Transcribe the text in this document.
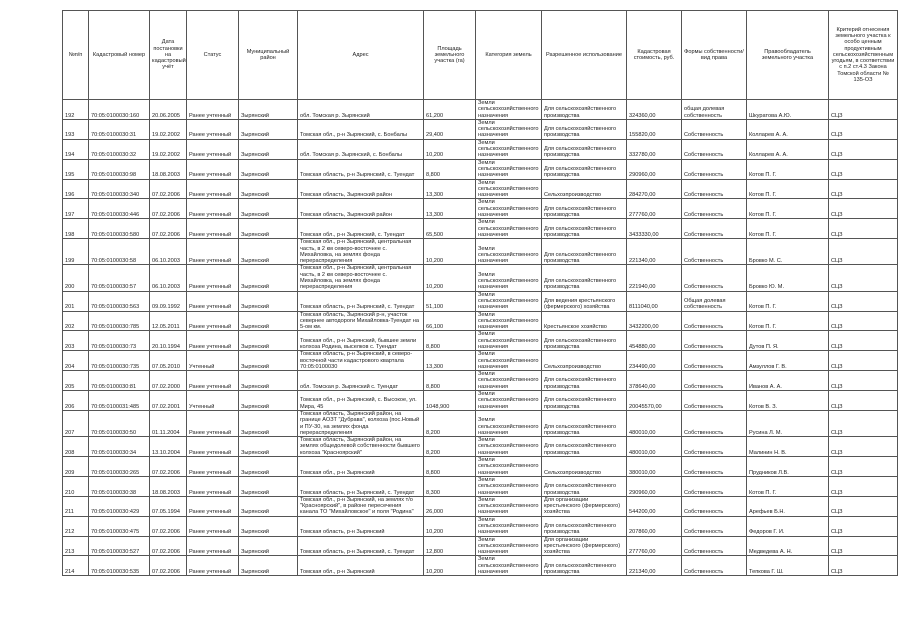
№п/п	Кадастровый номер	Дата постановки на кадастровый учёт	Статус	Муниципальный район	Адрес	Площадь земельного участка (га)	Категория земель	Разрешенное использование	Кадастровая стоимость, руб.	Формы собственности/вид права	Правообладатель земельного участка	Критерий отнесения земельного участка к особо ценным продуктивным сельскохозяйственным угодьям, в соответствии с п.2 ст.4.3 Закона Томской области № 135-ОЗ
192	70:05:0100030:160	20.06.2005	Ранее учтенный	Зырянский	обл. Томская р. Зырянский	61,200	Земли сельскохозяйственного назначения	Для сельскохозяйственного производства	324360,00	общая долевая собственность	Шкуратова А.Ю.	СЦЗ
193	70:05:0100030:31	19.02.2002	Ранее учтенный	Зырянский	Томская обл., р-н Зырянский, с. Бонбалы	29,400	Земли сельскохозяйственного назначения	Для сельскохозяйственного производства	155820,00	Собственность	Колларев А. А.	СЦЗ
194	70:05:0100030:32	19.02.2002	Ранее учтенный	Зырянский	обл. Томская р. Зырянский, с. Бонбалы	10,200	Земли сельскохозяйственного назначения	Для сельскохозяйственного производства	332780,00	Собственность	Колларев А. А.	СЦЗ
195	70:05:0100030:98	18.08.2003	Ранее учтенный	Зырянский	Томская область, р-н Зырянский, с. Туендат	8,800	Земли сельскохозяйственного назначения	Для сельскохозяйственного производства	290960,00	Собственность	Котов П. Г.	СЦЗ
196	70:05:0100030:340	07.02.2006	Ранее учтенный	Зырянский	Томская область, Зырянский район	13,300	Земли сельскохозяйственного назначения	Сельхозпроизводство	284270,00	Собственность	Котов П. Г.	СЦЗ
197	70:05:0100030:446	07.02.2006	Ранее учтенный	Зырянский	Томская область, Зырянский район	13,300	Земли сельскохозяйственного назначения	Для сельскохозяйственного производства	277760,00	Собственность	Котов П. Г.	СЦЗ
198	70:05:0100030:580	07.02.2006	Ранее учтенный	Зырянский	Томская обл., р-н Зырянский, с. Туендат	65,500	Земли сельскохозяйственного назначения	Для сельскохозяйственного производства	3433330,00	Собственность	Котов П. Г.	СЦЗ
199	70:05:0100030:58	06.10.2003	Ранее учтенный	Зырянский	Томская обл., р-н Зырянский, центральная часть, в 2 км северо-восточнее с. Михайловка, на землях фонда перераспределения	10,200	Земли сельскохозяйственного назначения	Для сельскохозяйственного производства	221340,00	Собственность	Бровко М. С.	СЦЗ
200	70:05:0100030:57	06.10.2003	Ранее учтенный	Зырянский	Томская обл., р-н Зырянский, центральная часть, в 2 км северо-восточнее с. Михайловка, на землях фонда перераспределения	10,200	Земли сельскохозяйственного назначения	Для сельскохозяйственного производства	221940,00	Собственность	Бровко Ю. М.	СЦЗ
201	70:05:0100030:563	09.09.1992	Ранее учтенный	Зырянский	Томская область, р-н Зырянский, с. Туендат	51,100	Земли сельскохозяйственного назначения	Для ведения крестьянского (фермерского) хозяйства	8111040,00	Общая долевая собственность	Котов П. Г.	СЦЗ
202	70:05:0100030:785	12.05.2011	Ранее учтенный	Зырянский	Томская область, Зырянский р-н, участок севернее автодороги Михайловка-Туендат на 5-ом км.	66,100	Земли сельскохозяйственного назначения	Крестьянское хозяйство	3432200,00	Собственность	Котов П. Г.	СЦЗ
203	70:05:0100030:73	20.10.1994	Ранее учтенный	Зырянский	Томская обл., р-н Зырянский, бывшее земли колхоза Родина, выселков с. Туендат	8,800	Земли сельскохозяйственного назначения	Для сельскохозяйственного производства	454880,00	Собственность	Дутов П. Я.	СЦЗ
204	70:05:0100030:735	07.05.2010	Учтенный	Зырянский	Томская область, р-н Зырянский, в северо-восточной части кадастрового квартала 70:05:0100030	13,300	Земли сельскохозяйственного назначения	Сельхозпроизводство	234490,00	Собственность	Амзуллов Г. В.	СЦЗ
205	70:05:0100030:81	07.02.2000	Ранее учтенный	Зырянский	обл. Томская р. Зырянский с. Туендат	8,800	Земли сельскохозяйственного назначения	Для сельскохозяйственного производства	378640,00	Собственность	Иванов А. А.	СЦЗ
206	70:05:0100031:485	07.02.2001	Учтенный	Зырянский	Томская обл., р-н Зырянский, с. Высокое, ул. Мира, 45	1048,900	Земли сельскохозяйственного назначения	Для сельскохозяйственного производства	20045570,00	Собственность	Котов В. З.	СЦЗ
207	70:05:0100030:50	01.11.2004	Ранее учтенный	Зырянский	Томская область, Зырянский район, на границе АОЗТ "Дубрава", колхоза (пос.Новый и ПУ-30, на землях фонда перераспределения	8,200	Земли сельскохозяйственного назначения	Для сельскохозяйственного производства	480010,00	Собственность	Русина Л. М.	СЦЗ
208	70:05:0100030:34	13.10.2004	Ранее учтенный	Зырянский	Томская область, Зырянский район, на землях общедолевой собственности бывшего колхоза "Красноярский"	8,200	Земли сельскохозяйственного назначения	Для сельскохозяйственного производства	480010,00	Собственность	Малинин Н. В.	СЦЗ
209	70:05:0100030:265	07.02.2006	Ранее учтенный	Зырянский	Томская обл., р-н Зырянский	8,800	Земли сельскохозяйственного назначения	Сельхозпроизводство	380010,00	Собственность	Прудников Л.В.	СЦЗ
210	70:05:0100030:38	18.08.2003	Ранее учтенный	Зырянский	Томская область, р-н Зырянский, с. Туендат	8,300	Земли сельскохозяйственного назначения	Для сельскохозяйственного производства	290960,00	Собственность	Котов П. Г.	СЦЗ
211	70:05:0100030:429	07.05.1994	Ранее учтенный	Зырянский	Томская обл., р-н Зырянский, на землях т/о "Красноярский", в районе пересечения канала ТО "Михайловское" и поля "Родина"	26,000	Земли сельскохозяйственного назначения	Для организации крестьянского (фермерского) хозяйства	544200,00	Собственность	Арефьев Б.Н.	СЦЗ
212	70:05:0100030:475	07.02.2006	Ранее учтенный	Зырянский	Томская область, р-н Зырянский	10,200	Земли сельскохозяйственного назначения	Для сельскохозяйственного производства	207860,00	Собственность	Федоров Г. И.	СЦЗ
213	70:05:0100030:527	07.02.2006	Ранее учтенный	Зырянский	Томская область, р-н Зырянский, с. Туендат	12,800	Земли сельскохозяйственного назначения	Для организации крестьянского (фермерского) хозяйства	277760,00	Собственность	Медведева А. Н.	СЦЗ
214	70:05:0100030:535	07.02.2006	Ранее учтенный	Зырянский	Томская обл., р-н Зырянский	10,200	Земли сельскохозяйственного назначения	Для сельскохозяйственного производства	221340,00	Собственность	Тепкова Г. Ш.	СЦЗ
